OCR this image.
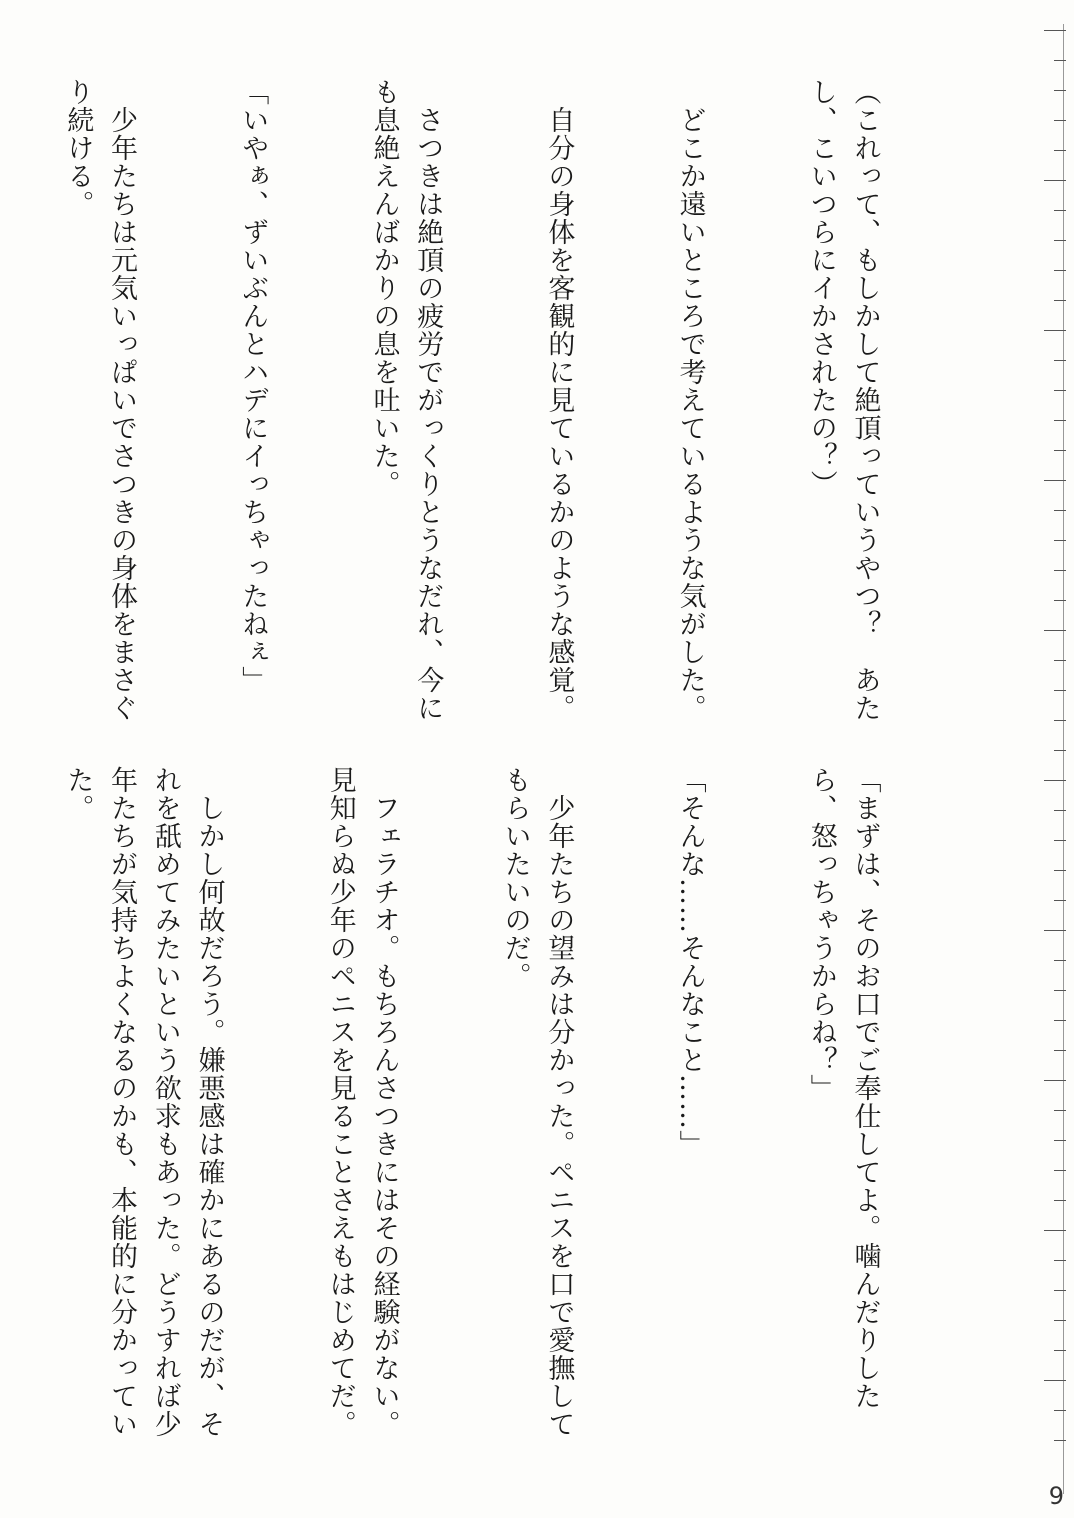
（これって、もしかして絶頂っていうやつ？　あたし、こいつらにイかされたの？）

　どこか遠いところで考えているような気がした。

　自分の身体を客観的に見ているかのような感覚。

　さつきは絶頂の疲労でがっくりとうなだれ、今にも息絶えんばかりの息を吐いた。

「いやぁ、ずいぶんとハデにイっちゃったねぇ」

　少年たちは元気いっぱいでさつきの身体をまさぐり続ける。

「まずは、そのお口でご奉仕してよ。噛んだりしたら、怒っちゃうからね？」

「そんな……そんなこと……」

　少年たちの望みは分かった。ペニスを口で愛撫してもらいたいのだ。

　フェラチオ。もちろんさつきにはその経験がない。見知らぬ少年のペニスを見ることさえもはじめてだ。

　しかし何故だろう。嫌悪感は確かにあるのだが、それを舐めてみたいという欲求もあった。どうすれば少年たちが気持ちよくなるのかも、本能的に分かっていた。

9
